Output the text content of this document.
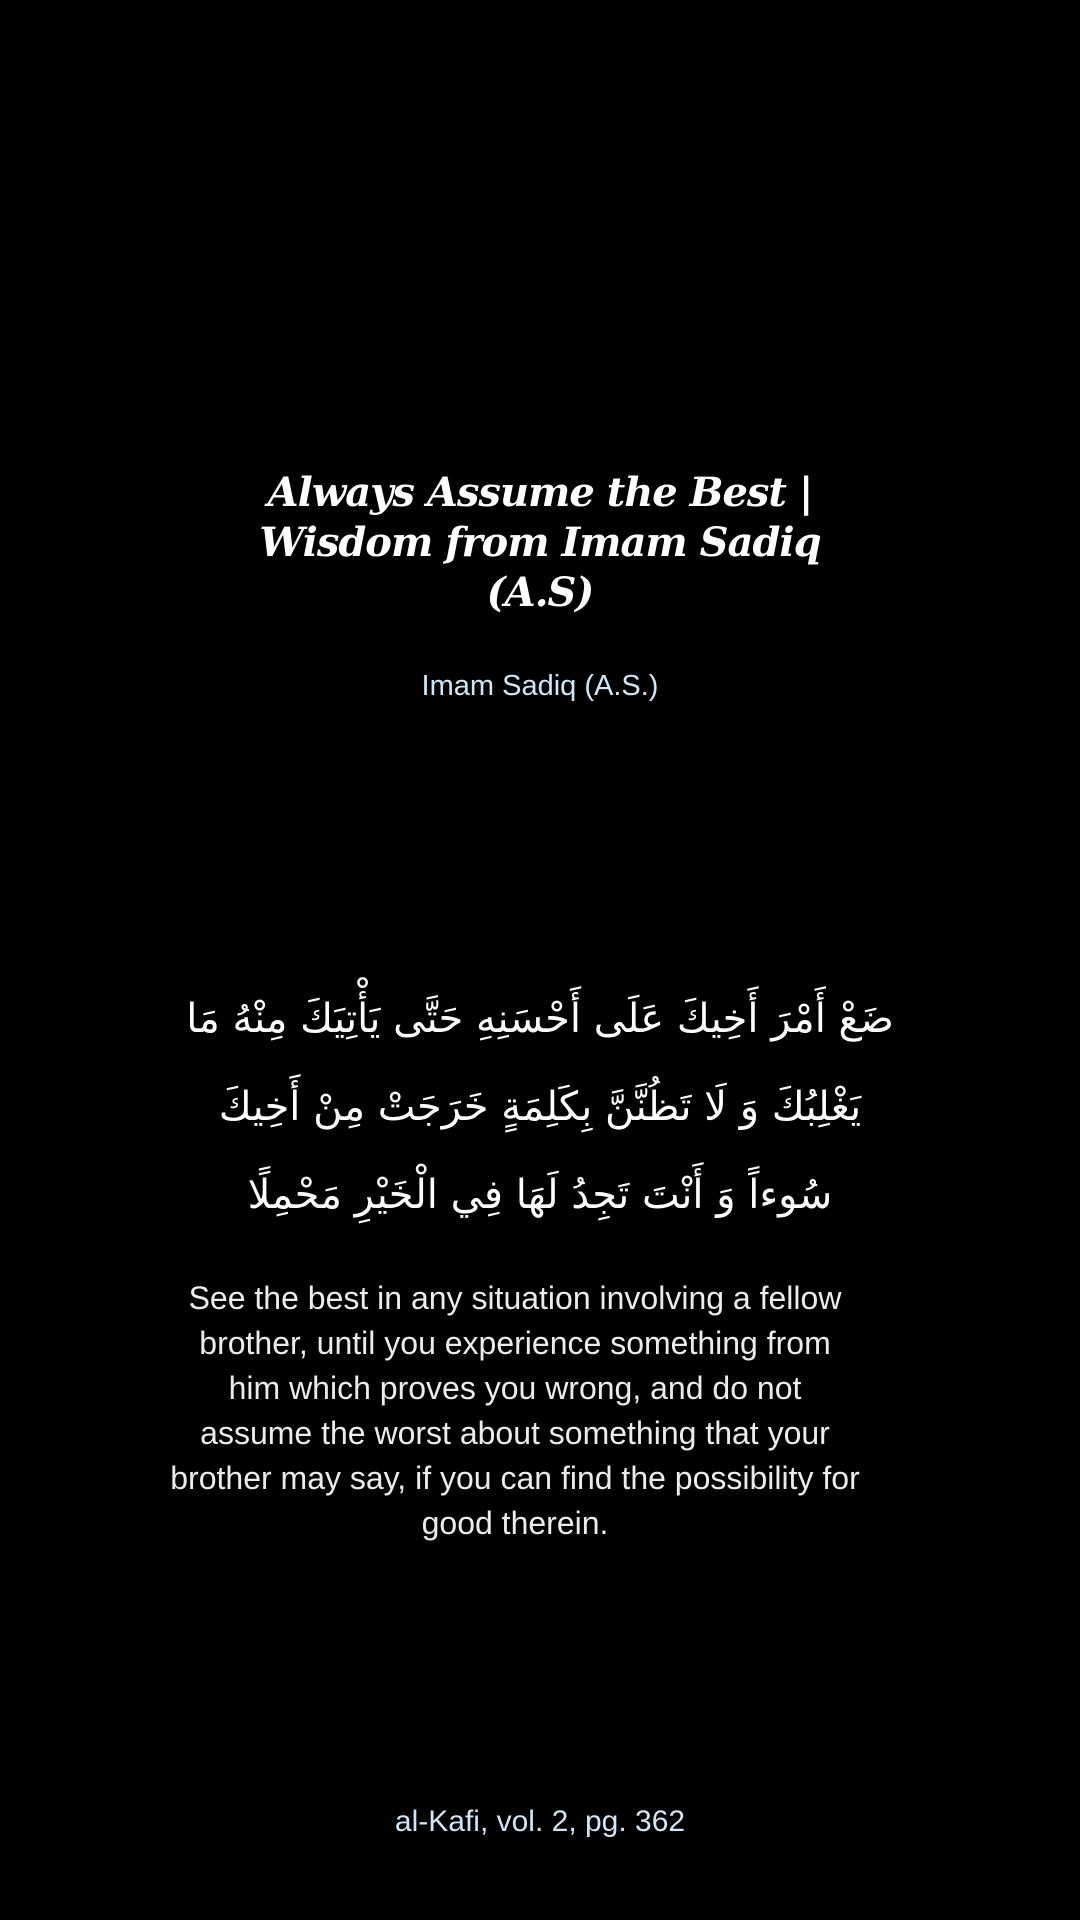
Always Assume the Best | Wisdom from Imam Sadiq (A.S)
Imam Sadiq (A.S.)
ضَعْ أَمْرَ أَخِيكَ عَلَى أَحْسَنِهِ حَتَّى يَأْتِيَكَ مِنْهُ مَا يَغْلِبُكَ وَ لَا تَظُنَّنَّ بِكَلِمَةٍ خَرَجَتْ مِنْ أَخِيكَ سُوءاً وَ أَنْتَ تَجِدُ لَهَا فِي الْخَيْرِ مَحْمِلًا
See the best in any situation involving a fellow brother, until you experience something from him which proves you wrong, and do not assume the worst about something that your brother may say, if you can find the possibility for good therein.
al-Kafi, vol. 2, pg. 362
